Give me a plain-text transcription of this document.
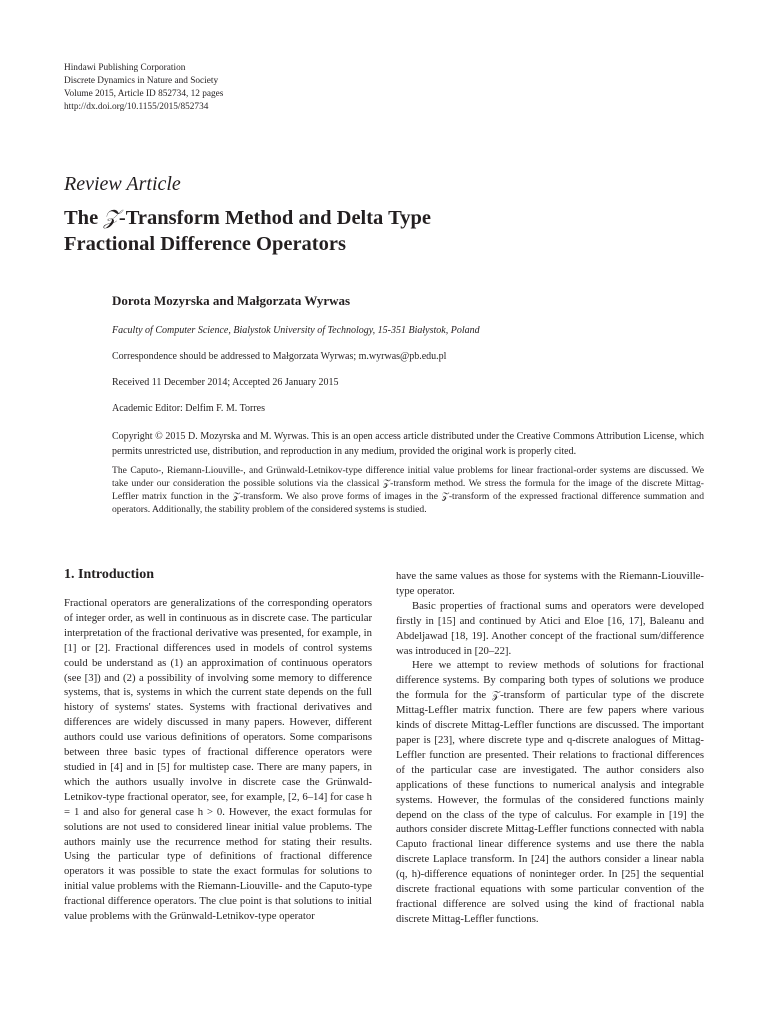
Hindawi Publishing Corporation
Discrete Dynamics in Nature and Society
Volume 2015, Article ID 852734, 12 pages
http://dx.doi.org/10.1155/2015/852734
Review Article
The 𝒵-Transform Method and Delta Type
Fractional Difference Operators
Dorota Mozyrska and Małgorzata Wyrwas
Faculty of Computer Science, Bialystok University of Technology, 15-351 Białystok, Poland
Correspondence should be addressed to Małgorzata Wyrwas; m.wyrwas@pb.edu.pl
Received 11 December 2014; Accepted 26 January 2015
Academic Editor: Delfim F. M. Torres
Copyright © 2015 D. Mozyrska and M. Wyrwas. This is an open access article distributed under the Creative Commons Attribution License, which permits unrestricted use, distribution, and reproduction in any medium, provided the original work is properly cited.
The Caputo-, Riemann-Liouville-, and Grünwald-Letnikov-type difference initial value problems for linear fractional-order systems are discussed. We take under our consideration the possible solutions via the classical 𝒵-transform method. We stress the formula for the image of the discrete Mittag-Leffler matrix function in the 𝒵-transform. We also prove forms of images in the 𝒵-transform of the expressed fractional difference summation and operators. Additionally, the stability problem of the considered systems is studied.
1. Introduction

Fractional operators are generalizations of the corresponding operators of integer order, as well in continuous as in discrete case. The particular interpretation of the fractional derivative was presented, for example, in [1] or [2]. Fractional differences used in models of control systems could be understand as (1) an approximation of continuous operators (see [3]) and (2) a possibility of involving some memory to difference systems, that is, systems in which the current state depends on the full history of systems' states. Systems with fractional derivatives and differences are widely discussed in many papers. However, different authors could use various definitions of operators. Some comparisons between three basic types of fractional difference operators were studied in [4] and in [5] for multistep case. There are many papers, in which the authors usually involve in discrete case the Grünwald-Letnikov-type fractional operator, see, for example, [2, 6–14] for case h = 1 and also for general case h > 0. However, the exact formulas for solutions are not used to considered linear initial value problems. The authors mainly use the recurrence method for stating their results. Using the particular type of definitions of fractional difference operators it was possible to state the exact formulas for solutions to initial value problems with the Riemann-Liouville- and the Caputo-type fractional difference operators. The clue point is that solutions to initial value problems with the Grünwald-Letnikov-type operator

have the same values as those for systems with the Riemann-Liouville-type operator.

Basic properties of fractional sums and operators were developed firstly in [15] and continued by Atici and Eloe [16, 17], Baleanu and Abdeljawad [18, 19]. Another concept of the fractional sum/difference was introduced in [20–22].

Here we attempt to review methods of solutions for fractional difference systems. By comparing both types of solutions we produce the formula for the 𝒵-transform of particular type of the discrete Mittag-Leffler matrix function. There are few papers where various kinds of discrete Mittag-Leffler functions are discussed. The important paper is [23], where discrete type and q-discrete analogues of Mittag-Leffler function are presented. Their relations to fractional differences of the particular case are investigated. The author considers also applications of these functions to numerical analysis and integrable systems. However, the formulas of the considered functions mainly depend on the class of the type of calculus. For example in [19] the authors consider discrete Mittag-Leffler functions connected with nabla Caputo fractional linear difference systems and use there the nabla discrete Laplace transform. In [24] the authors consider a linear nabla (q, h)-difference equations of noninteger order. In [25] the sequential discrete fractional equations with some particular convention of the fractional difference are solved using the kind of fractional nabla discrete Mittag-Leffler functions.
